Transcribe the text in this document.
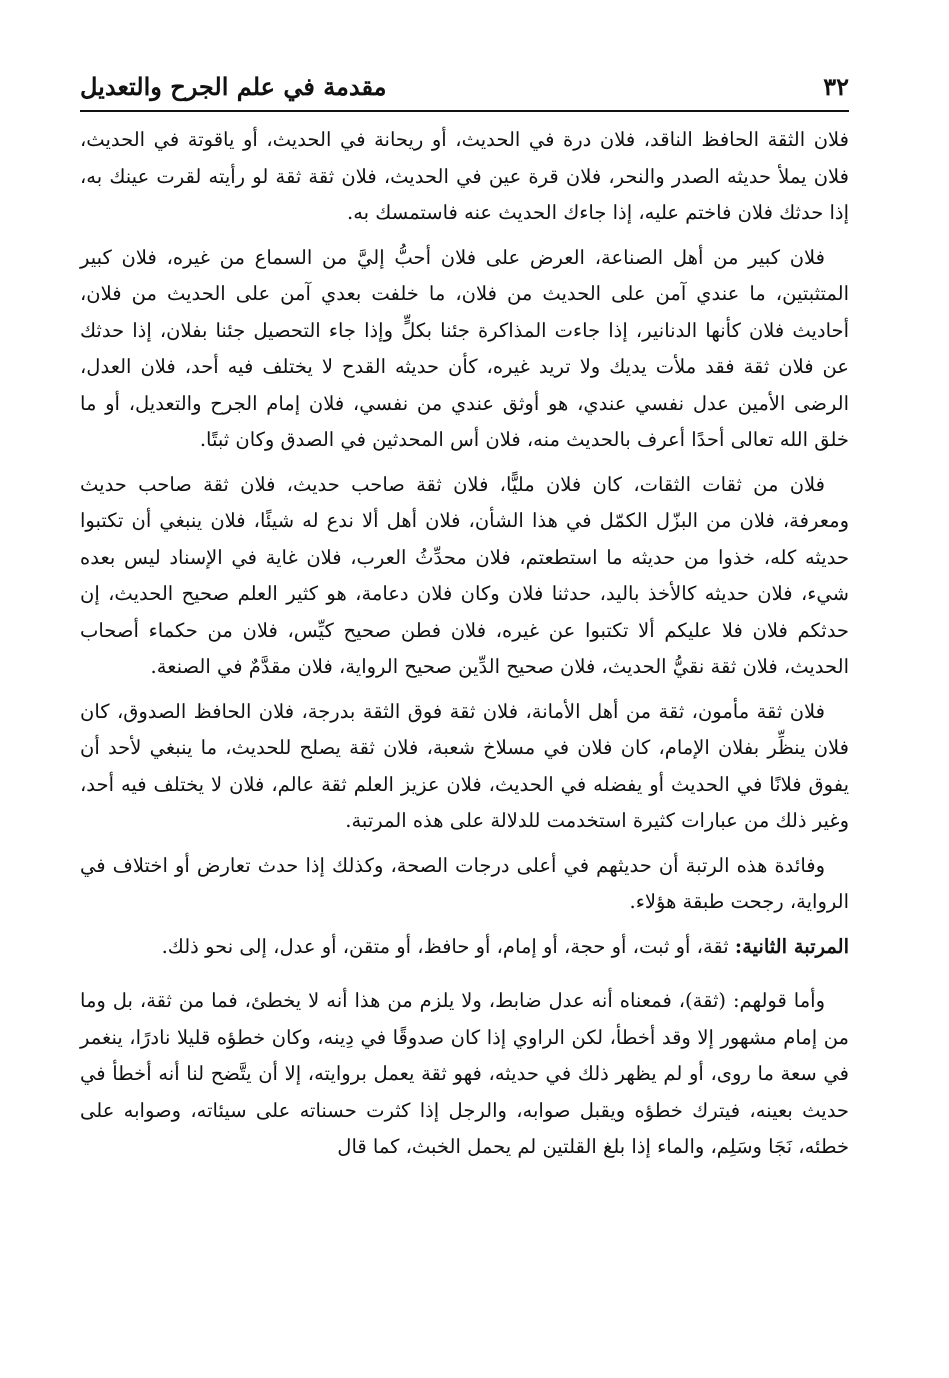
٣٢
مقدمة في علم الجرح والتعديل

فلان الثقة الحافظ الناقد، فلان درة في الحديث، أو ريحانة في الحديث، أو ياقوتة في الحديث، فلان يملأ حديثه الصدر والنحر، فلان قرة عين في الحديث، فلان ثقة ثقة لو رأيته لقرت عينك به، إذا حدثك فلان فاختم عليه، إذا جاءك الحديث عنه فاستمسك به.

فلان كبير من أهل الصناعة، العرض على فلان أحبُّ إليَّ من السماع من غيره، فلان كبير المتثبتين، ما عندي آمن على الحديث من فلان، ما خلفت بعدي آمن على الحديث من فلان، أحاديث فلان كأنها الدنانير، إذا جاءت المذاكرة جئنا بكلٍّ وإذا جاء التحصيل جئنا بفلان، إذا حدثك عن فلان ثقة فقد ملأت يديك ولا تريد غيره، كأن حديثه القدح لا يختلف فيه أحد، فلان العدل، الرضى الأمين عدل نفسي عندي، هو أوثق عندي من نفسي، فلان إمام الجرح والتعديل، أو ما خلق الله تعالى أحدًا أعرف بالحديث منه، فلان أس المحدثين في الصدق وكان ثبتًا.

فلان من ثقات الثقات، كان فلان مليًّا، فلان ثقة صاحب حديث، فلان ثقة صاحب حديث ومعرفة، فلان من البزّل الكمّل في هذا الشأن، فلان أهل ألا ندع له شيئًا، فلان ينبغي أن تكتبوا حديثه كله، خذوا من حديثه ما استطعتم، فلان محدِّثُ العرب، فلان غاية في الإسناد ليس بعده شيء، فلان حديثه كالأخذ باليد، حدثنا فلان وكان فلان دعامة، هو كثير العلم صحيح الحديث، إن حدثكم فلان فلا عليكم ألا تكتبوا عن غيره، فلان فطن صحيح كيِّس، فلان من حكماء أصحاب الحديث، فلان ثقة نقيُّ الحديث، فلان صحيح الدِّين صحيح الرواية، فلان مقدَّمٌ في الصنعة.

فلان ثقة مأمون، ثقة من أهل الأمانة، فلان ثقة فوق الثقة بدرجة، فلان الحافظ الصدوق، كان فلان ينظِّر بفلان الإمام، كان فلان في مسلاخ شعبة، فلان ثقة يصلح للحديث، ما ينبغي لأحد أن يفوق فلانًا في الحديث أو يفضله في الحديث، فلان عزيز العلم ثقة عالم، فلان لا يختلف فيه أحد، وغير ذلك من عبارات كثيرة استخدمت للدلالة على هذه المرتبة.

وفائدة هذه الرتبة أن حديثهم في أعلى درجات الصحة، وكذلك إذا حدث تعارض أو اختلاف في الرواية، رجحت طبقة هؤلاء.

المرتبة الثانية: ثقة، أو ثبت، أو حجة، أو إمام، أو حافظ، أو متقن، أو عدل، إلى نحو ذلك.

وأما قولهم: (ثقة)، فمعناه أنه عدل ضابط، ولا يلزم من هذا أنه لا يخطئ، فما من ثقة، بل وما من إمام مشهور إلا وقد أخطأ، لكن الراوي إذا كان صدوقًا في دِينه، وكان خطؤه قليلا نادرًا، ينغمر في سعة ما روى، أو لم يظهر ذلك في حديثه، فهو ثقة يعمل بروايته، إلا أن يتَّضح لنا أنه أخطأ في حديث بعينه، فيترك خطؤه ويقبل صوابه، والرجل إذا كثرت حسناته على سيئاته، وصوابه على خطئه، نَجَا وسَلِم، والماء إذا بلغ القلتين لم يحمل الخبث، كما قال
